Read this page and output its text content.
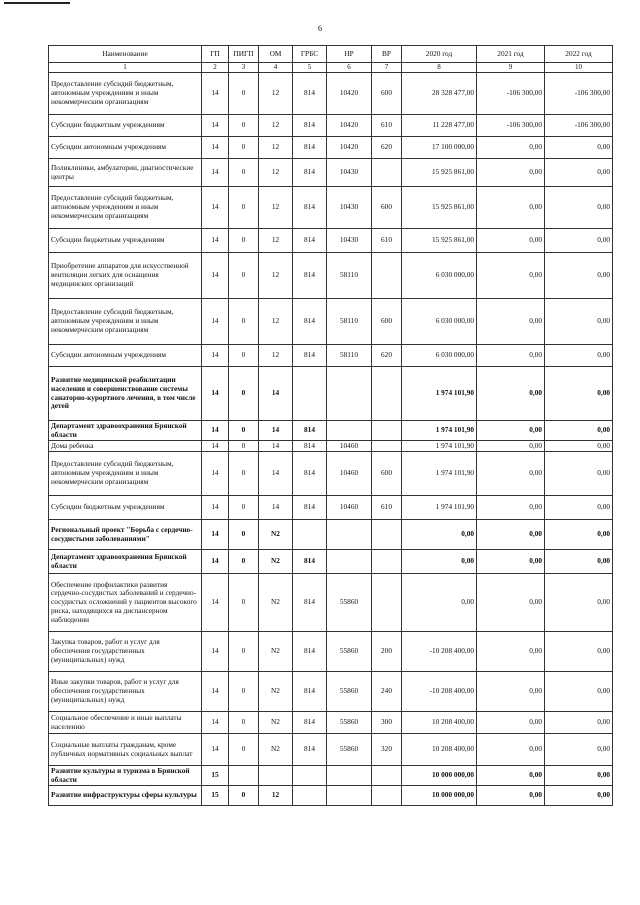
6
Наименование	ГП	ПИГП	ОМ	ГРБС	НР	ВР	2020 год	2021 год	2022 год
1	2	3	4	5	6	7	8	9	10
Предоставление субсидий бюджетным, автономным учреждениям и иным некоммерческим организациям	14	0	12	814	10420	600	28 328 477,00	-106 300,00	-106 300,00
Субсидии бюджетным учреждениям	14	0	12	814	10420	610	11 228 477,00	-106 300,00	-106 300,00
Субсидии автономным учреждениям	14	0	12	814	10420	620	17 100 000,00	0,00	0,00
Поликлиники, амбулатории, диагностические центры	14	0	12	814	10430		15 925 861,00	0,00	0,00
Предоставление субсидий бюджетным, автономным учреждениям и иным некоммерческим организациям	14	0	12	814	10430	600	15 925 861,00	0,00	0,00
Субсидии бюджетным учреждениям	14	0	12	814	10430	610	15 925 861,00	0,00	0,00
Приобретение аппаратов для искусственной вентиляции легких для оснащения медицинских организаций	14	0	12	814	58110		6 030 000,00	0,00	0,00
Предоставление субсидий бюджетным, автономным учреждениям и иным некоммерческим организациям	14	0	12	814	58110	600	6 030 000,00	0,00	0,00
Субсидии автономным учреждениям	14	0	12	814	58110	620	6 030 000,00	0,00	0,00
Развитие медицинской реабилитации населения и совершенствование системы санаторно-курортного лечения, в том числе детей	14	0	14				1 974 101,90	0,00	0,00
Департамент здравоохранения Брянской области	14	0	14	814			1 974 101,90	0,00	0,00
Дома ребенка	14	0	14	814	10460		1 974 101,90	0,00	0,00
Предоставление субсидий бюджетным, автономным учреждениям и иным некоммерческим организациям	14	0	14	814	10460	600	1 974 101,90	0,00	0,00
Субсидии бюджетным учреждениям	14	0	14	814	10460	610	1 974 101,90	0,00	0,00
Региональный проект "Борьба с сердечно-сосудистыми заболеваниями"	14	0	N2				0,00	0,00	0,00
Департамент здравоохранения Брянской области	14	0	N2	814			0,00	0,00	0,00
Обеспечение профилактики развития сердечно-сосудистых заболеваний и сердечно-сосудистых осложнений у пациентов высокого риска, находящихся на диспансерном наблюдении	14	0	N2	814	55860		0,00	0,00	0,00
Закупка товаров, работ и услуг для обеспечения государственных (муниципальных) нужд	14	0	N2	814	55860	200	-10 208 400,00	0,00	0,00
Иные закупки товаров, работ и услуг для обеспечения государственных (муниципальных) нужд	14	0	N2	814	55860	240	-10 208 400,00	0,00	0,00
Социальное обеспечение и иные выплаты населению	14	0	N2	814	55860	300	10 208 400,00	0,00	0,00
Социальные выплаты гражданам, кроме публичных нормативных социальных выплат	14	0	N2	814	55860	320	10 208 400,00	0,00	0,00
Развитие культуры и туризма в Брянской области	15						10 000 000,00	0,00	0,00
Развитие инфраструктуры сферы культуры	15	0	12				10 000 000,00	0,00	0,00
